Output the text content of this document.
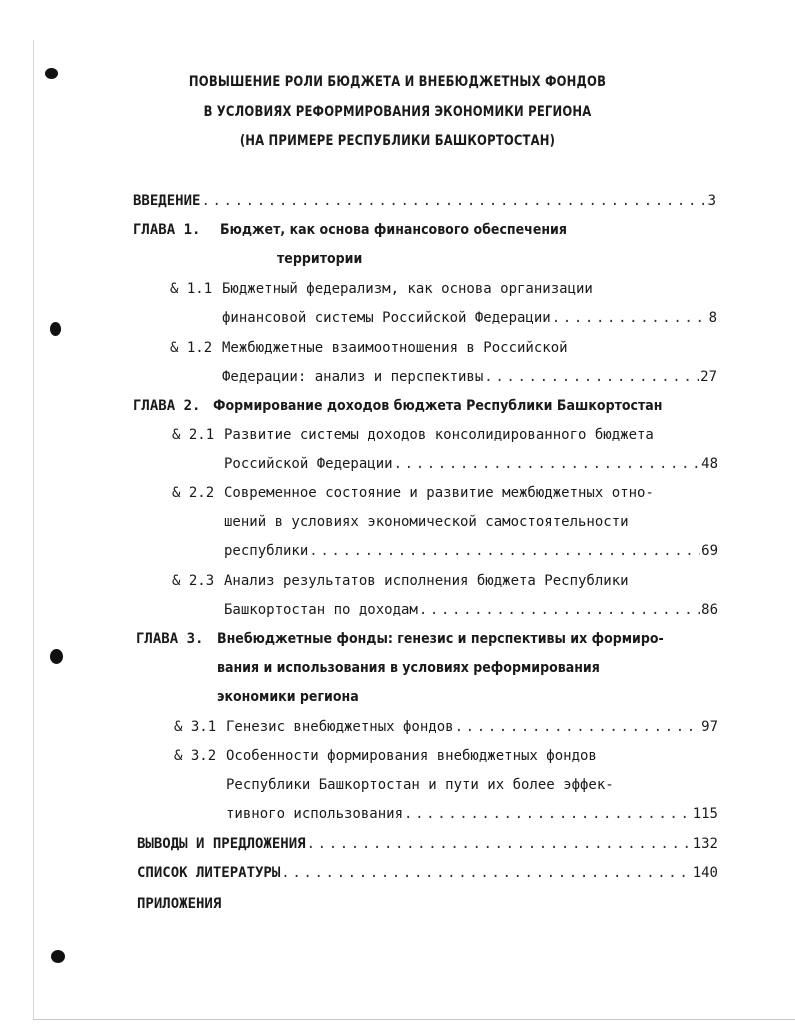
ПОВЫШЕНИЕ РОЛИ БЮДЖЕТА И ВНЕБЮДЖЕТНЫХ ФОНДОВ
В УСЛОВИЯХ РЕФОРМИРОВАНИЯ ЭКОНОМИКИ РЕГИОНА
(НА ПРИМЕРЕ РЕСПУБЛИКИ БАШКОРТОСТАН)
ВВЕДЕНИЕ . . .	3
ГЛАВА 1. Бюджет, как основа финансового обеспечения
территории
& 1.1 Бюджетный федерализм, как основа организации
финансовой системы Российской Федерации . . .	8
& 1.2 Межбюджетные взаимоотношения в Российской
Федерации: анализ и перспективы . . .	27
ГЛАВА 2. Формирование доходов бюджета Республики Башкортостан
& 2.1 Развитие системы доходов консолидированного бюджета
Российской Федерации . . .	48
& 2.2 Современное состояние и развитие межбюджетных отно-
шений в условиях экономической самостоятельности
республики . . .	69
& 2.3 Анализ результатов исполнения бюджета Республики
Башкортостан по доходам . . .	86
ГЛАВА 3. Внебюджетные фонды: генезис и перспективы их формиро-
вания и использования в условиях реформирования
экономики региона
& 3.1 Генезис внебюджетных фондов . . .	97
& 3.2 Особенности формирования внебюджетных фондов
Республики Башкортостан и пути их более эффек-
тивного использования . . .	115
ВЫВОДЫ И ПРЕДЛОЖЕНИЯ . . .	132
СПИСОК ЛИТЕРАТУРЫ . . .	140
ПРИЛОЖЕНИЯ
